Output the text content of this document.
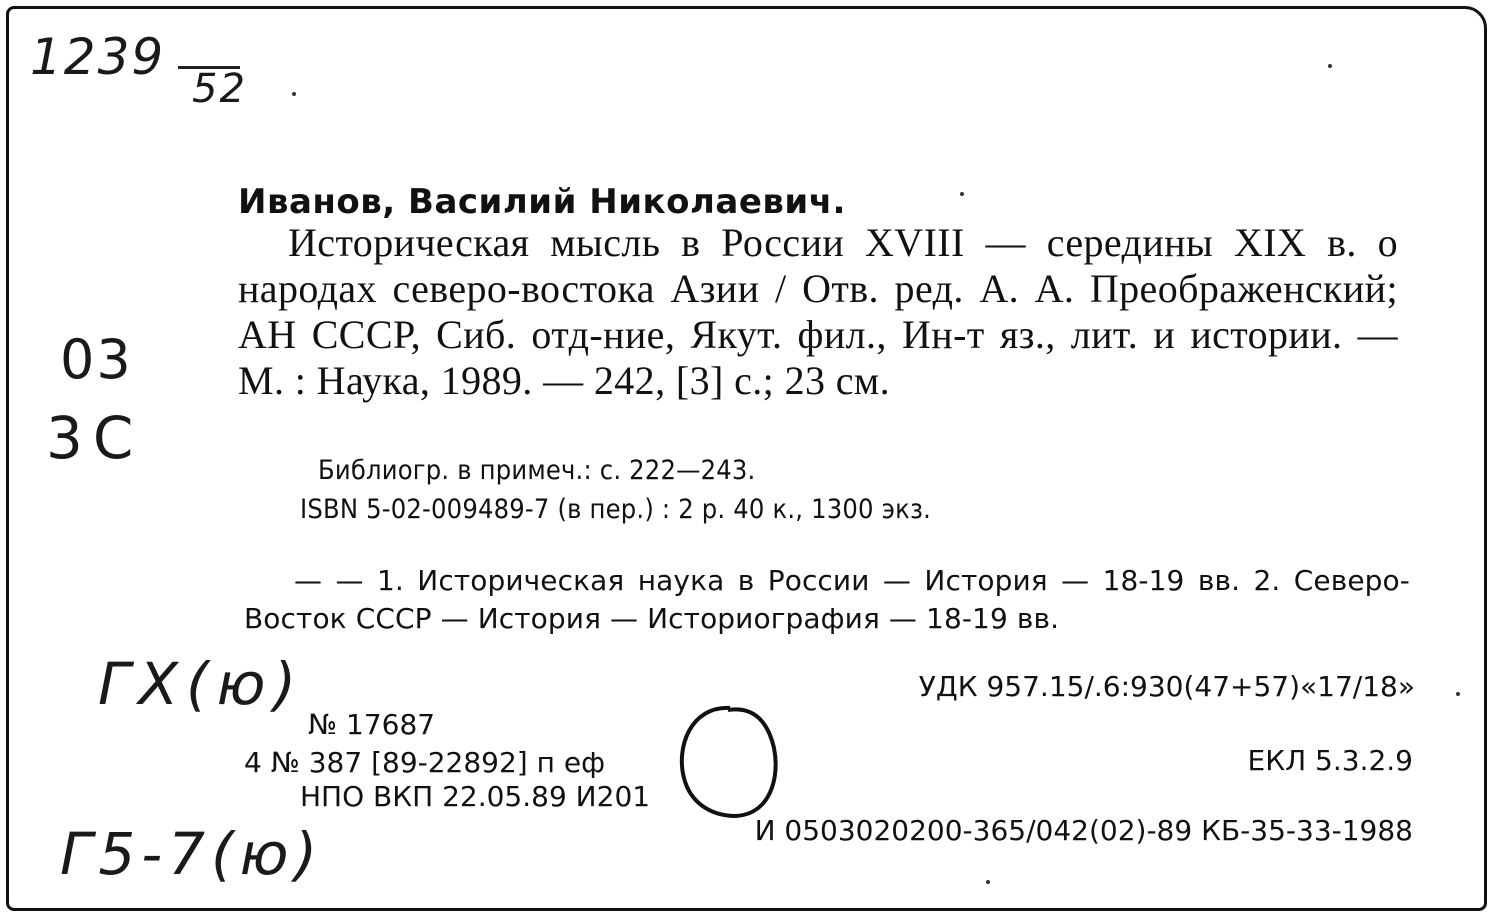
1239
52
03
3C
ГХ(ю)
Г5-7(ю)
Иванов, Василий Николаевич.
Историческая мысль в России XVIII — середины XIX в. о народах северо-востока Азии / Отв. ред. А. А. Преображенский; АН СССР, Сиб. отд-ние, Якут. фил., Ин-т яз., лит. и истории. — М. : Наука, 1989. — 242, [3] с.; 23 см.
Библиогр. в примеч.: с. 222—243.
ISBN 5-02-009489-7 (в пер.) : 2 р. 40 к., 1300 экз.
— — 1. Историческая наука в России — История — 18-19 вв. 2. Северо-Восток СССР — История — Историография — 18-19 вв.
УДК 957.15/.6:930(47+57)«17/18»
№ 17687
4 № 387 [89-22892] п еф	ЕКЛ 5.3.2.9
НПО ВКП 22.05.89 И201
И 0503020200-365/042(02)-89 КБ-35-33-1988
